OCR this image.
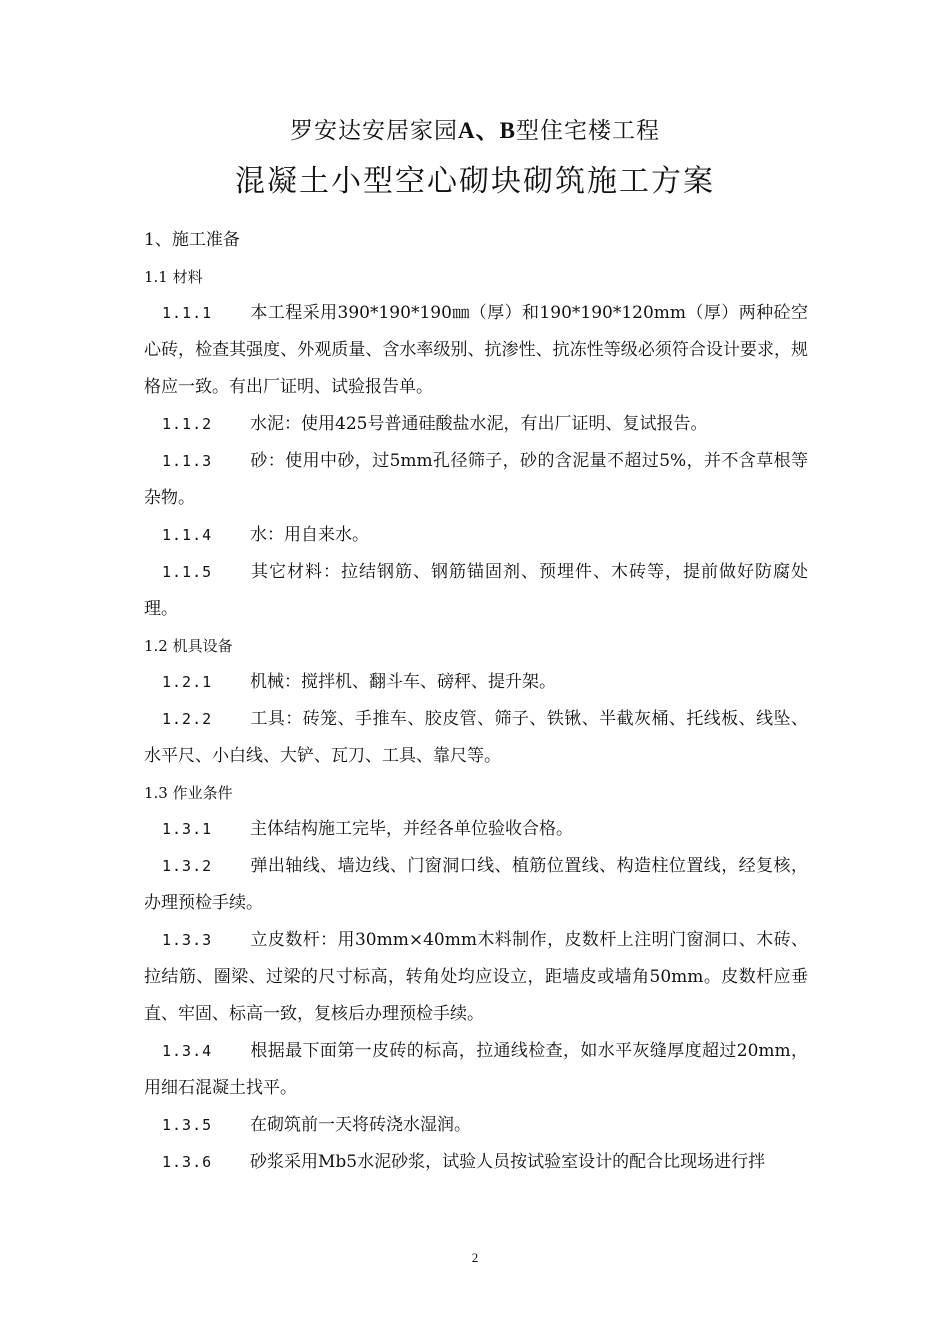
罗安达安居家园A、B型住宅楼工程
混凝土小型空心砌块砌筑施工方案
1、施工准备
1.1 材料
1.1.1 本工程采用390*190*190㎜（厚）和190*190*120mm（厚）两种砼空心砖，检查其强度、外观质量、含水率级别、抗渗性、抗冻性等级必须符合设计要求，规格应一致。有出厂证明、试验报告单。
1.1.2 水泥：使用425号普通硅酸盐水泥，有出厂证明、复试报告。
1.1.3 砂：使用中砂，过5mm孔径筛子，砂的含泥量不超过5%，并不含草根等杂物。
1.1.4 水：用自来水。
1.1.5 其它材料：拉结钢筋、钢筋锚固剂、预埋件、木砖等，提前做好防腐处理。
1.2 机具设备
1.2.1 机械：搅拌机、翻斗车、磅秤、提升架。
1.2.2 工具：砖笼、手推车、胶皮管、筛子、铁锹、半截灰桶、托线板、线坠、水平尺、小白线、大铲、瓦刀、工具、靠尺等。
1.3 作业条件
1.3.1 主体结构施工完毕，并经各单位验收合格。
1.3.2 弹出轴线、墙边线、门窗洞口线、植筋位置线、构造柱位置线，经复核，办理预检手续。
1.3.3 立皮数杆：用30mm×40mm木料制作，皮数杆上注明门窗洞口、木砖、拉结筋、圈梁、过梁的尺寸标高，转角处均应设立，距墙皮或墙角50mm。皮数杆应垂直、牢固、标高一致，复核后办理预检手续。
1.3.4 根据最下面第一皮砖的标高，拉通线检查，如水平灰缝厚度超过20mm，用细石混凝土找平。
1.3.5 在砌筑前一天将砖浇水湿润。
1.3.6 砂浆采用Mb5水泥砂浆，试验人员按试验室设计的配合比现场进行拌
2
